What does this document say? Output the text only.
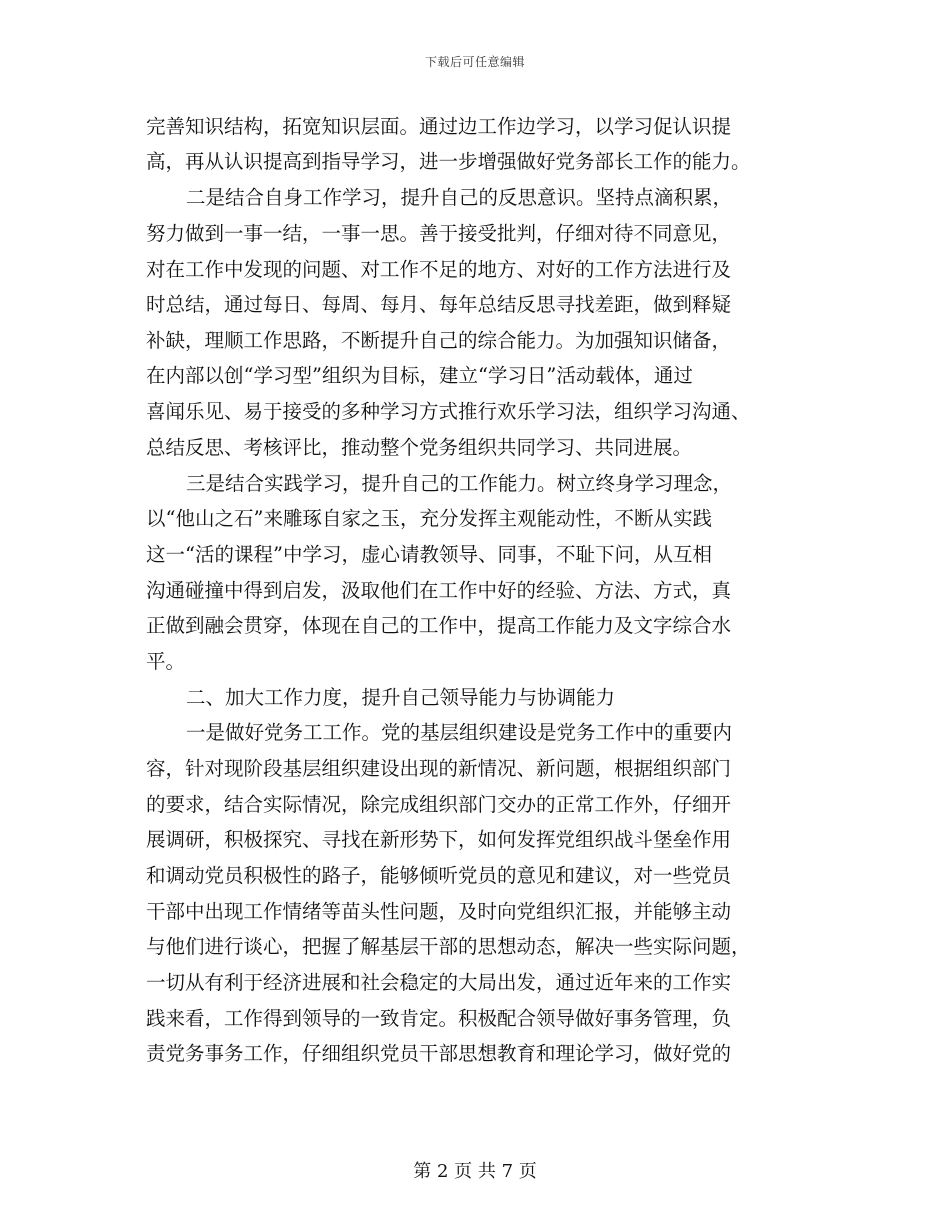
下载后可任意编辑
完善知识结构，拓宽知识层面。通过边工作边学习，以学习促认识提
高，再从认识提高到指导学习，进一步增强做好党务部长工作的能力。
二是结合自身工作学习，提升自己的反思意识。坚持点滴积累，
努力做到一事一结，一事一思。善于接受批判，仔细对待不同意见，
对在工作中发现的问题、对工作不足的地方、对好的工作方法进行及
时总结，通过每日、每周、每月、每年总结反思寻找差距，做到释疑
补缺，理顺工作思路，不断提升自己的综合能力。为加强知识储备，
在内部以创“学习型”组织为目标，建立“学习日”活动载体，通过
喜闻乐见、易于接受的多种学习方式推行欢乐学习法，组织学习沟通、
总结反思、考核评比，推动整个党务组织共同学习、共同进展。
三是结合实践学习，提升自己的工作能力。树立终身学习理念，
以“他山之石”来雕琢自家之玉，充分发挥主观能动性，不断从实践
这一“活的课程”中学习，虚心请教领导、同事，不耻下问，从互相
沟通碰撞中得到启发，汲取他们在工作中好的经验、方法、方式，真
正做到融会贯穿，体现在自己的工作中，提高工作能力及文字综合水
平。
二、加大工作力度，提升自己领导能力与协调能力
一是做好党务工工作。党的基层组织建设是党务工作中的重要内
容，针对现阶段基层组织建设出现的新情况、新问题，根据组织部门
的要求，结合实际情况，除完成组织部门交办的正常工作外，仔细开
展调研，积极探究、寻找在新形势下，如何发挥党组织战斗堡垒作用
和调动党员积极性的路子，能够倾听党员的意见和建议，对一些党员
干部中出现工作情绪等苗头性问题，及时向党组织汇报，并能够主动
与他们进行谈心，把握了解基层干部的思想动态，解决一些实际问题，
一切从有利于经济进展和社会稳定的大局出发，通过近年来的工作实
践来看，工作得到领导的一致肯定。积极配合领导做好事务管理，负
责党务事务工作，仔细组织党员干部思想教育和理论学习，做好党的
第 2 页 共 7 页
